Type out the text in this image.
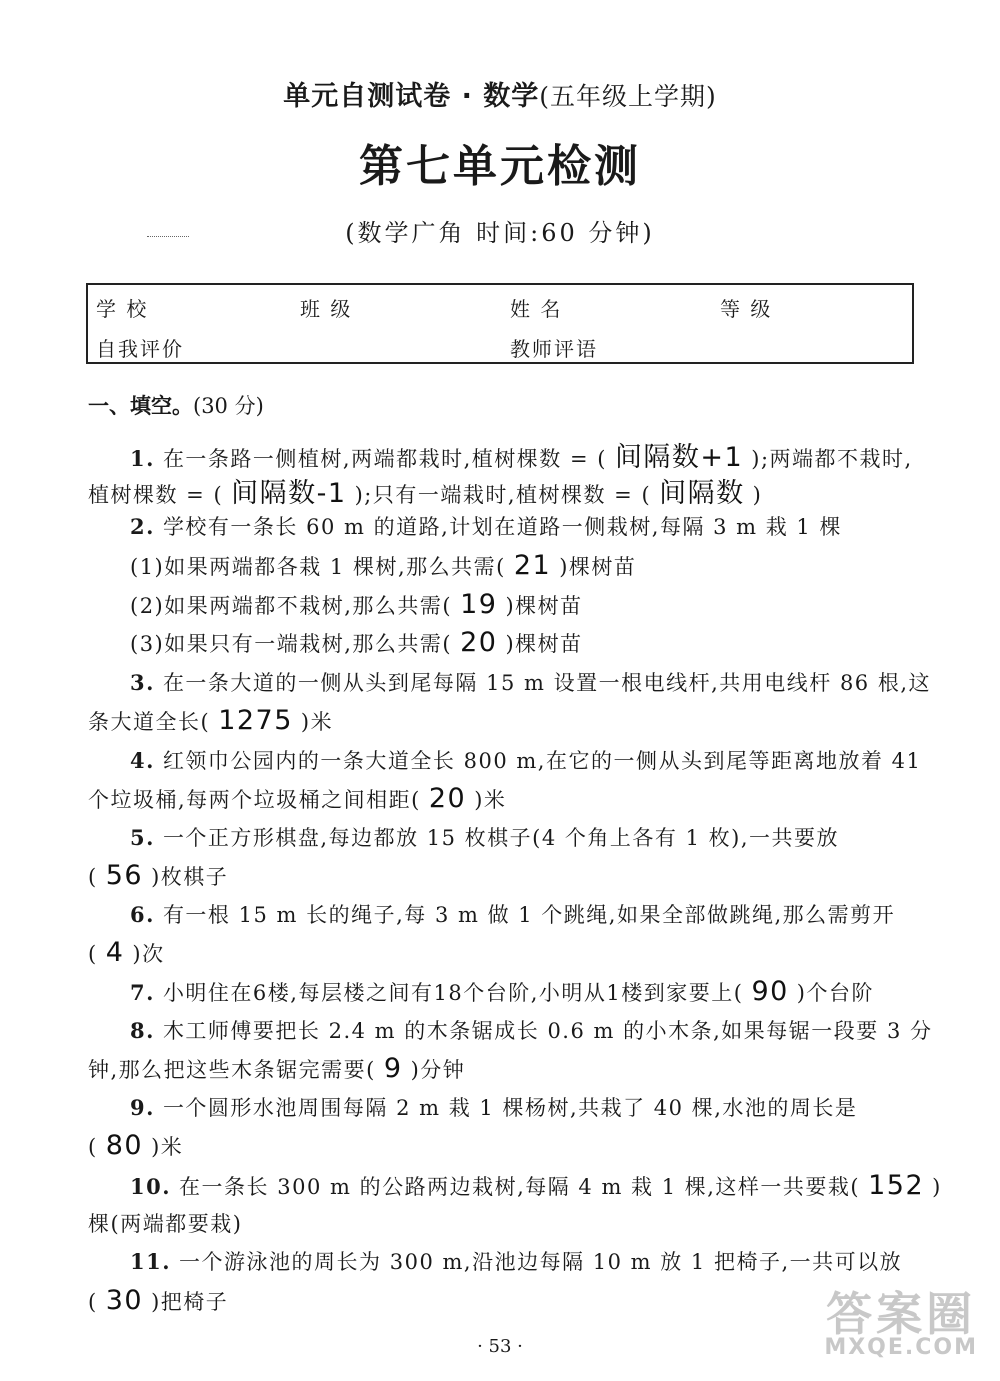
单元自测试卷 · 数学(五年级上学期)
第七单元检测
(数学广角 时间:60 分钟)
学 校	班 级	姓 名	等 级
自我评价	教师评语
一、填空。(30 分)
1. 在一条路一侧植树,两端都栽时,植树棵数 = ( 间隔数+1 );两端都不栽时,
植树棵数 = ( 间隔数-1 );只有一端栽时,植树棵数 = ( 间隔数 )
2. 学校有一条长 60 m 的道路,计划在道路一侧栽树,每隔 3 m 栽 1 棵
(1)如果两端都各栽 1 棵树,那么共需( 21 )棵树苗
(2)如果两端都不栽树,那么共需( 19 )棵树苗
(3)如果只有一端栽树,那么共需( 20 )棵树苗
3. 在一条大道的一侧从头到尾每隔 15 m 设置一根电线杆,共用电线杆 86 根,这
条大道全长( 1275 )米
4. 红领巾公园内的一条大道全长 800 m,在它的一侧从头到尾等距离地放着 41
个垃圾桶,每两个垃圾桶之间相距( 20 )米
5. 一个正方形棋盘,每边都放 15 枚棋子(4 个角上各有 1 枚),一共要放
( 56 )枚棋子
6. 有一根 15 m 长的绳子,每 3 m 做 1 个跳绳,如果全部做跳绳,那么需剪开
( 4 )次
7. 小明住在6楼,每层楼之间有18个台阶,小明从1楼到家要上( 90 )个台阶
8. 木工师傅要把长 2.4 m 的木条锯成长 0.6 m 的小木条,如果每锯一段要 3 分
钟,那么把这些木条锯完需要( 9 )分钟
9. 一个圆形水池周围每隔 2 m 栽 1 棵杨树,共栽了 40 棵,水池的周长是
( 80 )米
10. 在一条长 300 m 的公路两边栽树,每隔 4 m 栽 1 棵,这样一共要栽( 152 )
棵(两端都要栽)
11. 一个游泳池的周长为 300 m,沿池边每隔 10 m 放 1 把椅子,一共可以放
( 30 )把椅子
· 53 ·
答案圈
MXQE.COM
